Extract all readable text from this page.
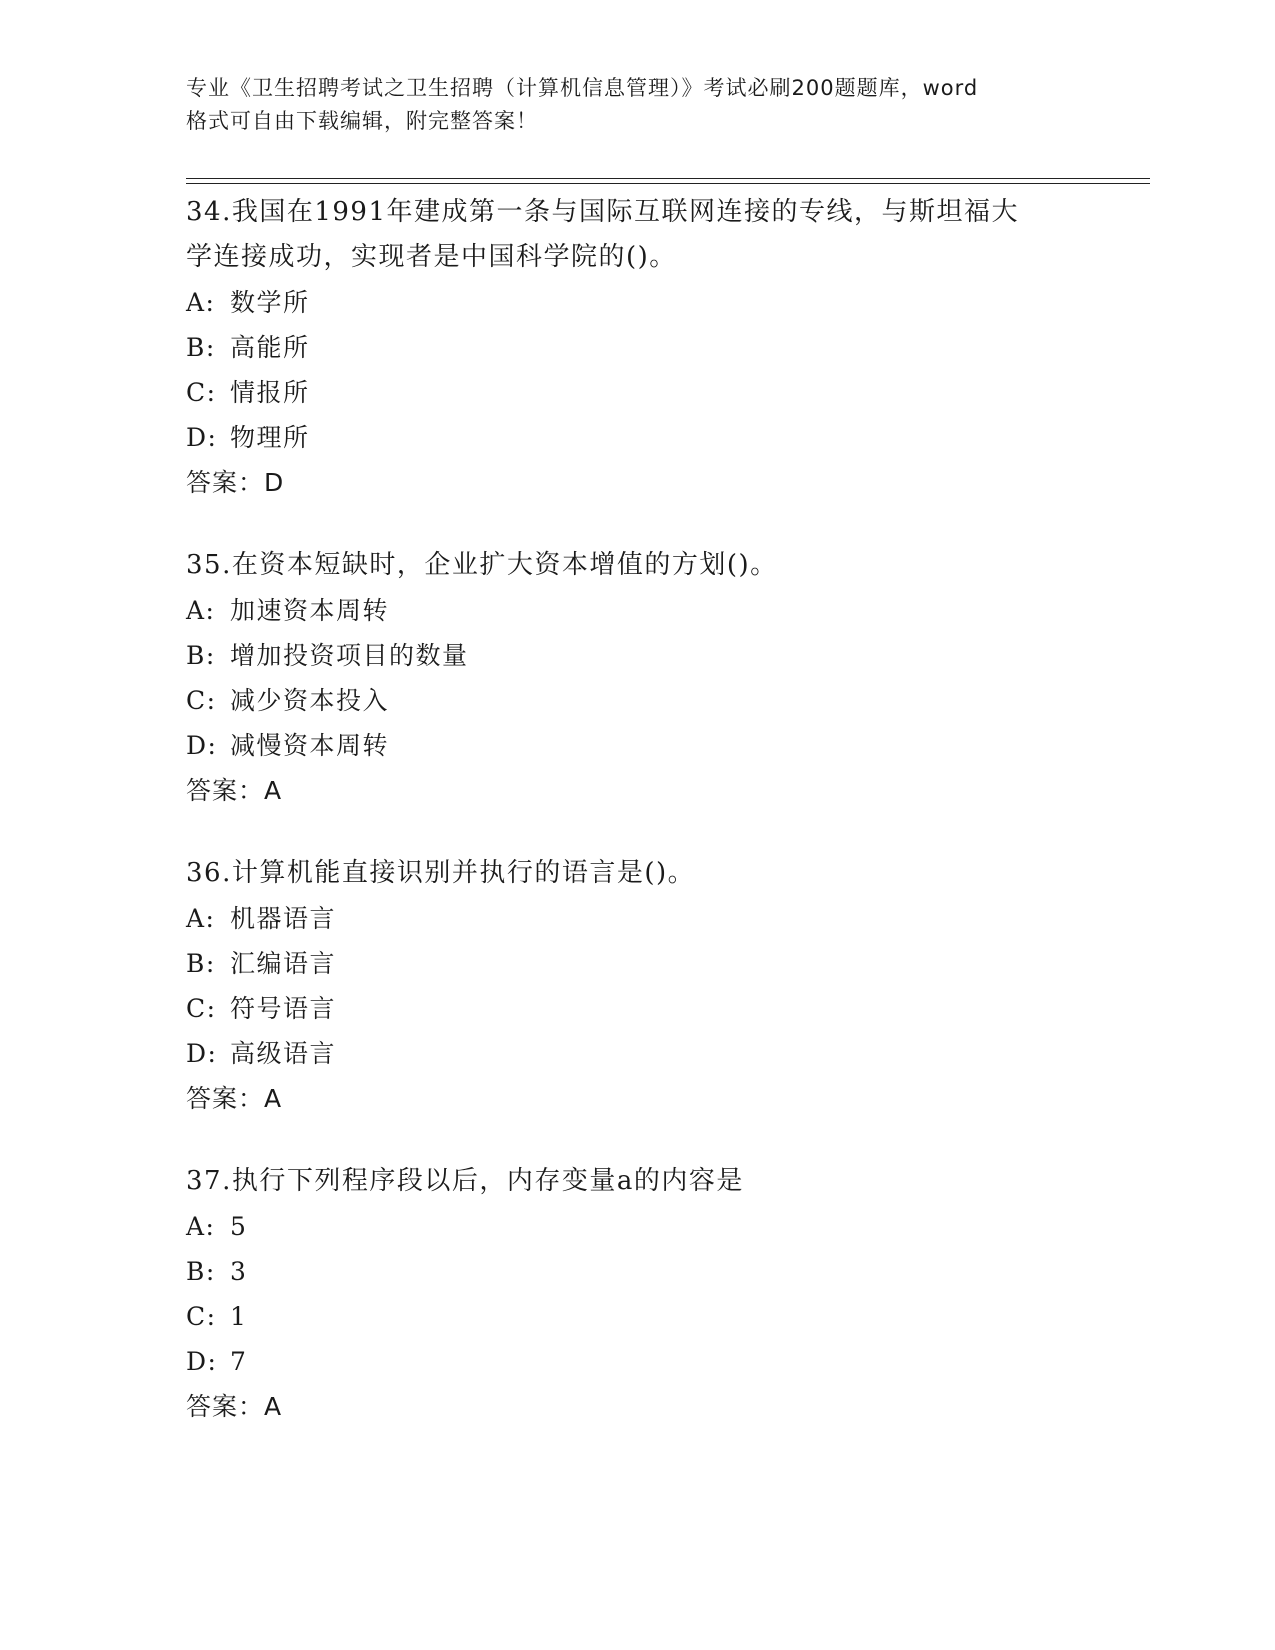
专业《卫生招聘考试之卫生招聘（计算机信息管理）》考试必刷200题题库，word
格式可自由下载编辑，附完整答案！
34.我国在1991年建成第一条与国际互联网连接的专线，与斯坦福大
学连接成功，实现者是中国科学院的()。
A: 数学所
B: 高能所
C: 情报所
D: 物理所
答案：D
35.在资本短缺时，企业扩大资本增值的方划()。
A: 加速资本周转
B: 增加投资项目的数量
C: 减少资本投入
D: 减慢资本周转
答案：A
36.计算机能直接识别并执行的语言是()。
A: 机器语言
B: 汇编语言
C: 符号语言
D: 高级语言
答案：A
37.执行下列程序段以后，内存变量a的内容是
A: 5
B: 3
C: 1
D: 7
答案：A
